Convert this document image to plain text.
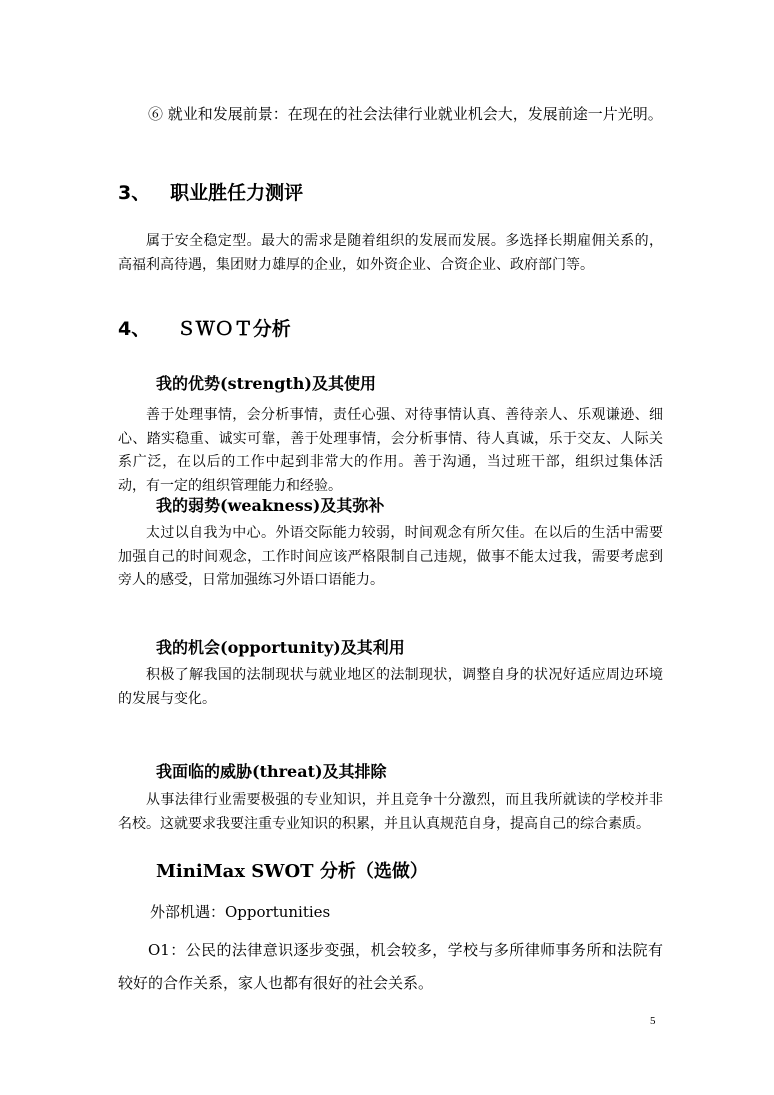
⑥ 就业和发展前景：在现在的社会法律行业就业机会大，发展前途一片光明。

3、 职业胜任力测评

属于安全稳定型。最大的需求是随着组织的发展而发展。多选择长期雇佣关系的，高福利高待遇，集团财力雄厚的企业，如外资企业、合资企业、政府部门等。

4、 ＳＷＯＴ分析
我的优势(strength)及其使用

善于处理事情，会分析事情，责任心强、对待事情认真、善待亲人、乐观谦逊、细心、踏实稳重、诚实可靠，善于处理事情，会分析事情、待人真诚，乐于交友、人际关系广泛，在以后的工作中起到非常大的作用。善于沟通，当过班干部，组织过集体活动，有一定的组织管理能力和经验。

我的弱势(weakness)及其弥补

太过以自我为中心。外语交际能力较弱，时间观念有所欠佳。在以后的生活中需要加强自己的时间观念，工作时间应该严格限制自己违规，做事不能太过我，需要考虑到旁人的感受，日常加强练习外语口语能力。

我的机会(opportunity)及其利用

积极了解我国的法制现状与就业地区的法制现状，调整自身的状况好适应周边环境的发展与变化。

我面临的威胁(threat)及其排除

从事法律行业需要极强的专业知识，并且竞争十分激烈，而且我所就读的学校并非名校。这就要求我要注重专业知识的积累，并且认真规范自身，提高自己的综合素质。

MiniMax SWOT 分析（选做）
外部机遇：Opportunities

O1：公民的法律意识逐步变强，机会较多，学校与多所律师事务所和法院有较好的合作关系，家人也都有很好的社会关系。

5
